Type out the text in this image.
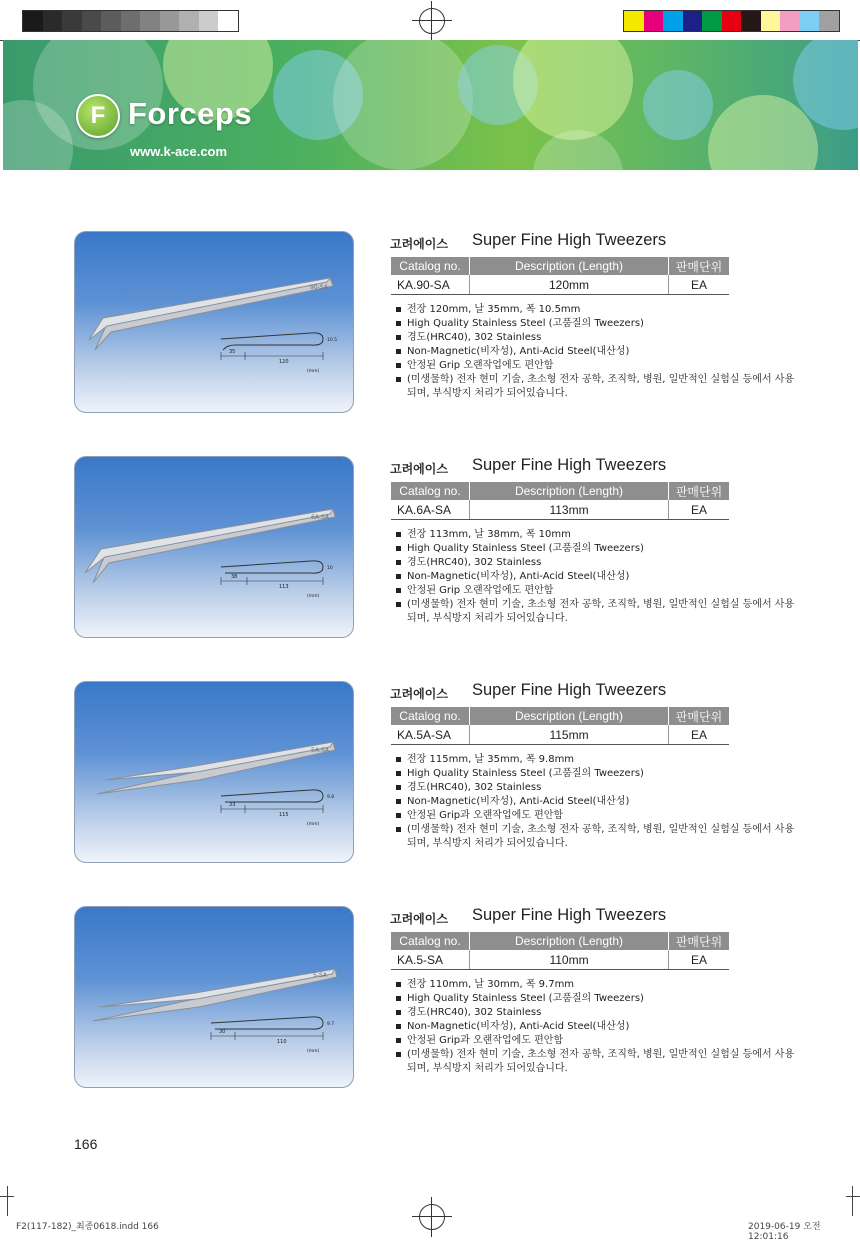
F Forceps
www.k-ace.com
90-SA
35
120
10.5
(mm)
고려에이스 Super Fine High Tweezers
Catalog no.	Description (Length)	판매단위
KA.90-SA	120mm	EA
전장 120mm, 날 35mm, 폭 10.5mm
High Quality Stainless Steel (고품질의 Tweezers)
경도(HRC40), 302 Stainless
Non-Magnetic(비자성), Anti-Acid Steel(내산성)
안정된 Grip 오랜작업에도 편안함
(미생물학) 전자 현미 기술, 초소형 전자 공학, 조직학, 병원, 일반적인 실험실 등에서 사용되며, 부식방지 처리가 되어있습니다.
6A-SA
38
113
10
(mm)
고려에이스 Super Fine High Tweezers
Catalog no.	Description (Length)	판매단위
KA.6A-SA	113mm	EA
전장 113mm, 날 38mm, 폭 10mm
High Quality Stainless Steel (고품질의 Tweezers)
경도(HRC40), 302 Stainless
Non-Magnetic(비자성), Anti-Acid Steel(내산성)
안정된 Grip 오랜작업에도 편안함
(미생물학) 전자 현미 기술, 초소형 전자 공학, 조직학, 병원, 일반적인 실험실 등에서 사용되며, 부식방지 처리가 되어있습니다.
5A-SA
33
115
9.8
(mm)
고려에이스 Super Fine High Tweezers
Catalog no.	Description (Length)	판매단위
KA.5A-SA	115mm	EA
전장 115mm, 날 35mm, 폭 9.8mm
High Quality Stainless Steel (고품질의 Tweezers)
경도(HRC40), 302 Stainless
Non-Magnetic(비자성), Anti-Acid Steel(내산성)
안정된 Grip과 오랜작업에도 편안함
(미생물학) 전자 현미 기술, 초소형 전자 공학, 조직학, 병원, 일반적인 실험실 등에서 사용되며, 부식방지 처리가 되어있습니다.
5-SA
30
110
9.7
(mm)
고려에이스 Super Fine High Tweezers
Catalog no.	Description (Length)	판매단위
KA.5-SA	110mm	EA
전장 110mm, 날 30mm, 폭 9.7mm
High Quality Stainless Steel (고품질의 Tweezers)
경도(HRC40), 302 Stainless
Non-Magnetic(비자성), Anti-Acid Steel(내산성)
안정된 Grip과 오랜작업에도 편안함
(미생물학) 전자 현미 기술, 초소형 전자 공학, 조직학, 병원, 일반적인 실험실 등에서 사용되며, 부식방지 처리가 되어있습니다.
166
F2(117-182)_최종0618.indd 166	2019-06-19 오전 12:01:16
